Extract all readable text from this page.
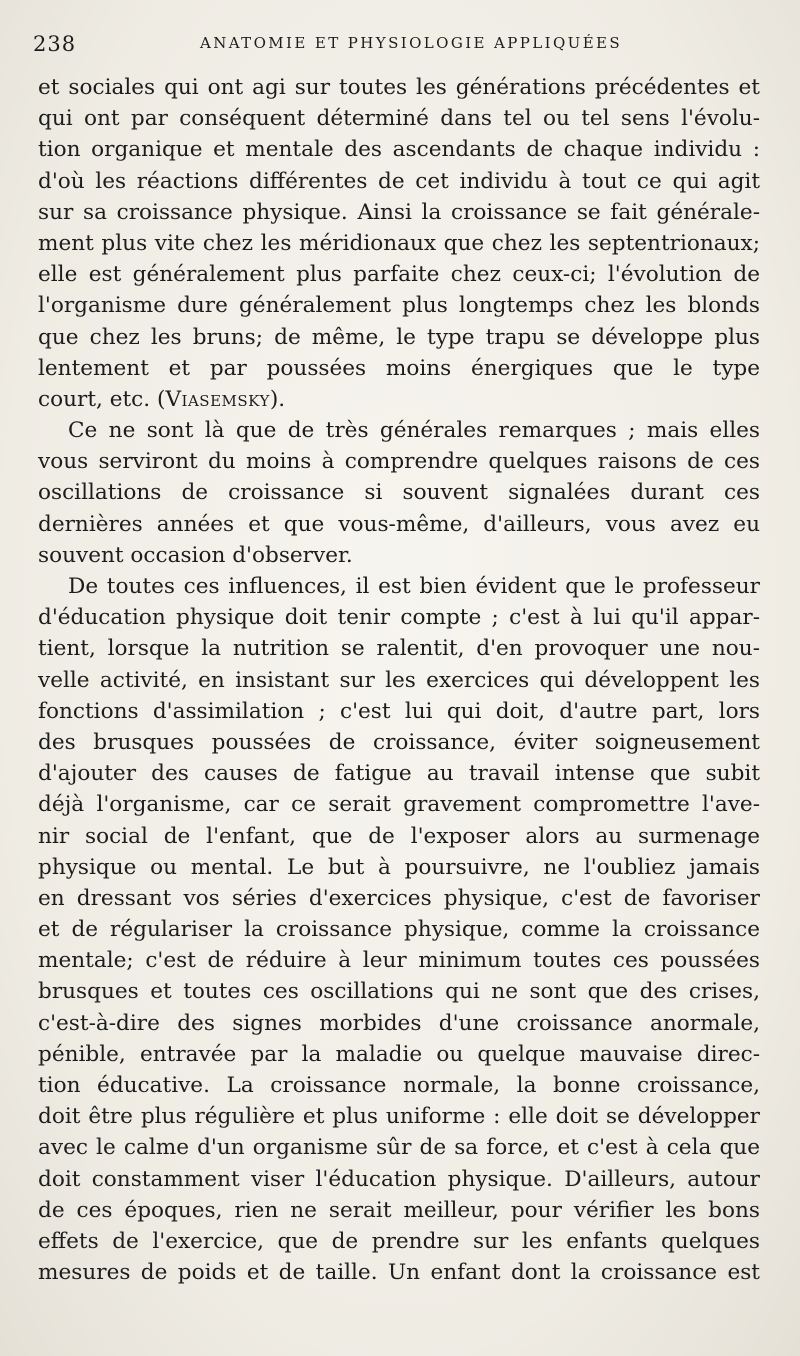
238	ANATOMIE ET PHYSIOLOGIE APPLIQUÉES
et sociales qui ont agi sur toutes les générations précédentes et
qui ont par conséquent déterminé dans tel ou tel sens l'évolu-
tion organique et mentale des ascendants de chaque individu :
d'où les réactions différentes de cet individu à tout ce qui agit
sur sa croissance physique. Ainsi la croissance se fait générale-
ment plus vite chez les méridionaux que chez les septentrionaux;
elle est généralement plus parfaite chez ceux-ci; l'évolution de
l'organisme dure généralement plus longtemps chez les blonds
que chez les bruns; de même, le type trapu se développe plus
lentement et par poussées moins énergiques que le type
court, etc. (Viasemsky).
Ce ne sont là que de très générales remarques ; mais elles
vous serviront du moins à comprendre quelques raisons de ces
oscillations de croissance si souvent signalées durant ces
dernières années et que vous-même, d'ailleurs, vous avez eu
souvent occasion d'observer.
De toutes ces influences, il est bien évident que le professeur
d'éducation physique doit tenir compte ; c'est à lui qu'il appar-
tient, lorsque la nutrition se ralentit, d'en provoquer une nou-
velle activité, en insistant sur les exercices qui développent les
fonctions d'assimilation ; c'est lui qui doit, d'autre part, lors
des brusques poussées de croissance, éviter soigneusement
d'ajouter des causes de fatigue au travail intense que subit
déjà l'organisme, car ce serait gravement compromettre l'ave-
nir social de l'enfant, que de l'exposer alors au surmenage
physique ou mental. Le but à poursuivre, ne l'oubliez jamais
en dressant vos séries d'exercices physique, c'est de favoriser
et de régulariser la croissance physique, comme la croissance
mentale; c'est de réduire à leur minimum toutes ces poussées
brusques et toutes ces oscillations qui ne sont que des crises,
c'est-à-dire des signes morbides d'une croissance anormale,
pénible, entravée par la maladie ou quelque mauvaise direc-
tion éducative. La croissance normale, la bonne croissance,
doit être plus régulière et plus uniforme : elle doit se développer
avec le calme d'un organisme sûr de sa force, et c'est à cela que
doit constamment viser l'éducation physique. D'ailleurs, autour
de ces époques, rien ne serait meilleur, pour vérifier les bons
effets de l'exercice, que de prendre sur les enfants quelques
mesures de poids et de taille. Un enfant dont la croissance est
